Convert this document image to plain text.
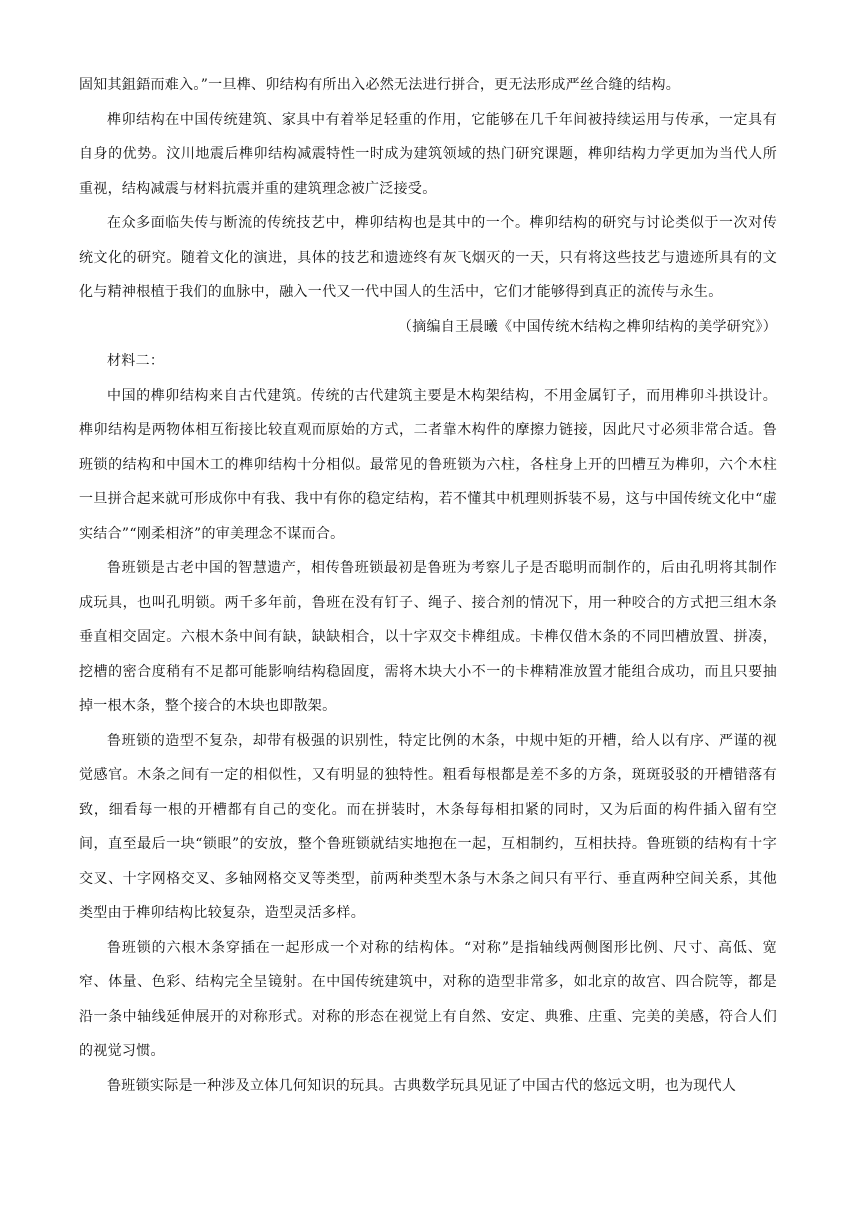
固知其鉏鋙而难入。”一旦榫、卯结构有所出入必然无法进行拼合，更无法形成严丝合缝的结构。

榫卯结构在中国传统建筑、家具中有着举足轻重的作用，它能够在几千年间被持续运用与传承，一定具有自身的优势。汶川地震后榫卯结构减震特性一时成为建筑领域的热门研究课题，榫卯结构力学更加为当代人所重视，结构减震与材料抗震并重的建筑理念被广泛接受。

在众多面临失传与断流的传统技艺中，榫卯结构也是其中的一个。榫卯结构的研究与讨论类似于一次对传统文化的研究。随着文化的演进，具体的技艺和遗迹终有灰飞烟灭的一天，只有将这些技艺与遗迹所具有的文化与精神根植于我们的血脉中，融入一代又一代中国人的生活中，它们才能够得到真正的流传与永生。

（摘编自王晨曦《中国传统木结构之榫卯结构的美学研究》）

材料二：

中国的榫卯结构来自古代建筑。传统的古代建筑主要是木构架结构，不用金属钉子，而用榫卯斗拱设计。榫卯结构是两物体相互衔接比较直观而原始的方式，二者靠木构件的摩擦力链接，因此尺寸必须非常合适。鲁班锁的结构和中国木工的榫卯结构十分相似。最常见的鲁班锁为六柱，各柱身上开的凹槽互为榫卯，六个木柱一旦拼合起来就可形成你中有我、我中有你的稳定结构，若不懂其中机理则拆装不易，这与中国传统文化中“虚实结合”“刚柔相济”的审美理念不谋而合。

鲁班锁是古老中国的智慧遗产，相传鲁班锁最初是鲁班为考察儿子是否聪明而制作的，后由孔明将其制作成玩具，也叫孔明锁。两千多年前，鲁班在没有钉子、绳子、接合剂的情况下，用一种咬合的方式把三组木条垂直相交固定。六根木条中间有缺，缺缺相合，以十字双交卡榫组成。卡榫仅借木条的不同凹槽放置、拼凑，挖槽的密合度稍有不足都可能影响结构稳固度，需将木块大小不一的卡榫精准放置才能组合成功，而且只要抽掉一根木条，整个接合的木块也即散架。

鲁班锁的造型不复杂，却带有极强的识别性，特定比例的木条，中规中矩的开槽，给人以有序、严谨的视觉感官。木条之间有一定的相似性，又有明显的独特性。粗看每根都是差不多的方条，斑斑驳驳的开槽错落有致，细看每一根的开槽都有自己的变化。而在拼装时，木条每每相扣紧的同时，又为后面的构件插入留有空间，直至最后一块“锁眼”的安放，整个鲁班锁就结实地抱在一起，互相制约，互相扶持。鲁班锁的结构有十字交叉、十字网格交叉、多轴网格交叉等类型，前两种类型木条与木条之间只有平行、垂直两种空间关系，其他类型由于榫卯结构比较复杂，造型灵活多样。

鲁班锁的六根木条穿插在一起形成一个对称的结构体。“对称”是指轴线两侧图形比例、尺寸、高低、宽窄、体量、色彩、结构完全呈镜射。在中国传统建筑中，对称的造型非常多，如北京的故宫、四合院等，都是沿一条中轴线延伸展开的对称形式。对称的形态在视觉上有自然、安定、典雅、庄重、完美的美感，符合人们的视觉习惯。

鲁班锁实际是一种涉及立体几何知识的玩具。古典数学玩具见证了中国古代的悠远文明，也为现代人
